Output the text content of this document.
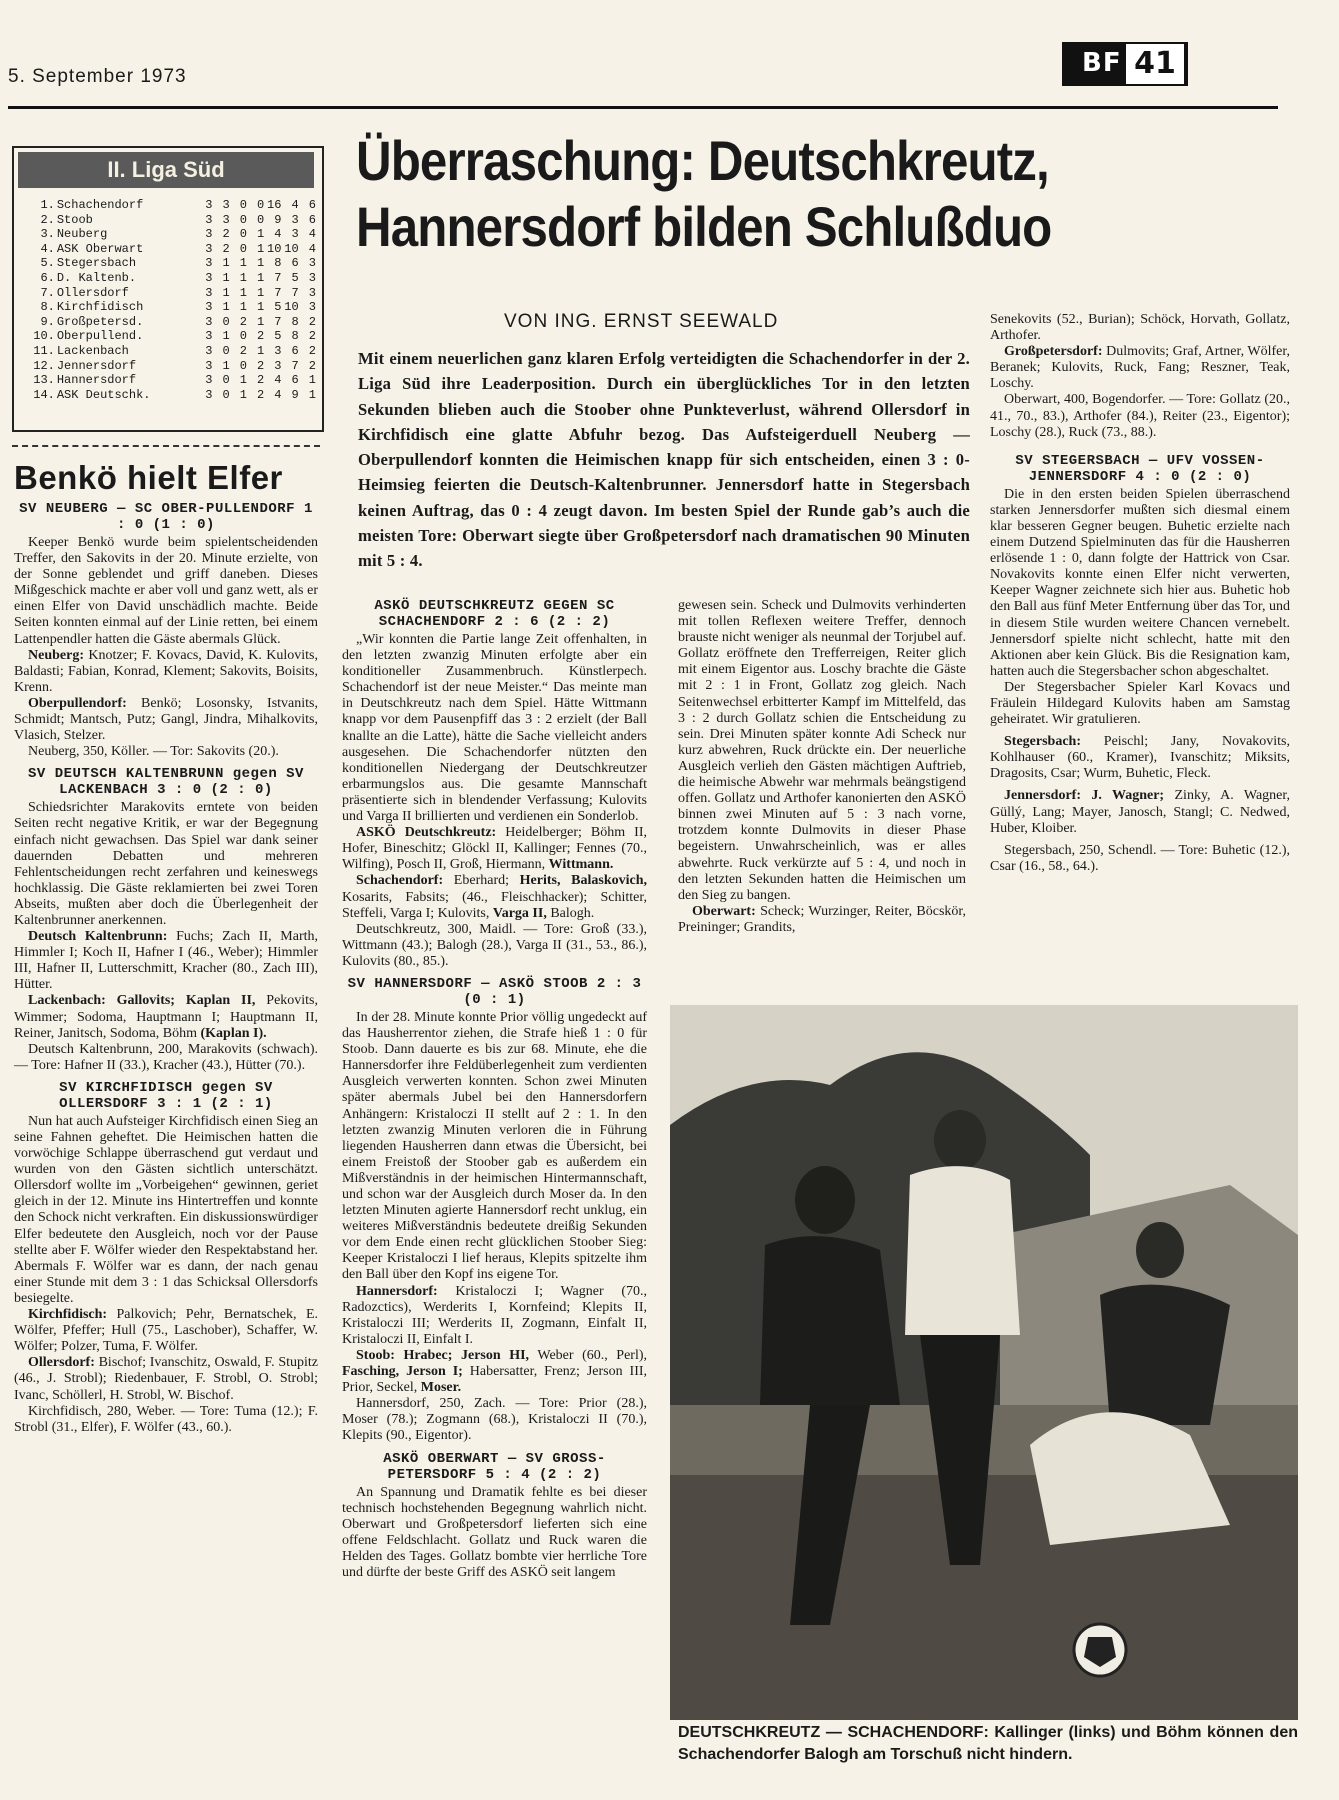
5. September 1973	BF 41
II. Liga Süd
1.	Schachendorf	3	3	0	0	16	4	6
2.	Stoob	3	3	0	0	9	3	6
3.	Neuberg	3	2	0	1	4	3	4
4.	ASK Oberwart	3	2	0	1	10	10	4
5.	Stegersbach	3	1	1	1	8	6	3
6.	D. Kaltenb.	3	1	1	1	7	5	3
7.	Ollersdorf	3	1	1	1	7	7	3
8.	Kirchfidisch	3	1	1	1	5	10	3
9.	Großpetersd.	3	0	2	1	7	8	2
10.	Oberpullend.	3	1	0	2	5	8	2
11.	Lackenbach	3	0	2	1	3	6	2
12.	Jennersdorf	3	1	0	2	3	7	2
13.	Hannersdorf	3	0	1	2	4	6	1
14.	ASK Deutschk.	3	0	1	2	4	9	1
Benkö hielt Elfer
SV NEUBERG — SC OBER-PULLENDORF 1 : 0 (1 : 0)

Keeper Benkö wurde beim spielentscheidenden Treffer, den Sakovits in der 20. Minute erzielte, von der Sonne geblendet und griff daneben. Dieses Mißgeschick machte er aber voll und ganz wett, als er einen Elfer von David unschädlich machte. Beide Seiten konnten einmal auf der Linie retten, bei einem Lattenpendler hatten die Gäste abermals Glück.

Neuberg: Knotzer; F. Kovacs, David, K. Kulovits, Baldasti; Fabian, Konrad, Klement; Sakovits, Boisits, Krenn.

Oberpullendorf: Benkö; Losonsky, Istvanits, Schmidt; Mantsch, Putz; Gangl, Jindra, Mihalkovits, Vlasich, Stelzer.

Neuberg, 350, Köller. — Tor: Sakovits (20.).

SV DEUTSCH KALTENBRUNN gegen SV LACKENBACH 3 : 0 (2 : 0)

Schiedsrichter Marakovits erntete von beiden Seiten recht negative Kritik, er war der Begegnung einfach nicht gewachsen. Das Spiel war dank seiner dauernden Debatten und mehreren Fehlentscheidungen recht zerfahren und keineswegs hochklassig. Die Gäste reklamierten bei zwei Toren Abseits, mußten aber doch die Überlegenheit der Kaltenbrunner anerkennen.

Deutsch Kaltenbrunn: Fuchs; Zach II, Marth, Himmler I; Koch II, Hafner I (46., Weber); Himmler III, Hafner II, Lutterschmitt, Kracher (80., Zach III), Hütter.

Lackenbach: Gallovits; Kaplan II, Pekovits, Wimmer; Sodoma, Hauptmann I; Hauptmann II, Reiner, Janitsch, Sodoma, Böhm (Kaplan I).

Deutsch Kaltenbrunn, 200, Marakovits (schwach). — Tore: Hafner II (33.), Kracher (43.), Hütter (70.).

SV KIRCHFIDISCH gegen SV OLLERSDORF 3 : 1 (2 : 1)

Nun hat auch Aufsteiger Kirchfidisch einen Sieg an seine Fahnen geheftet. Die Heimischen hatten die vorwöchige Schlappe überraschend gut verdaut und wurden von den Gästen sichtlich unterschätzt. Ollersdorf wollte im „Vorbeigehen“ gewinnen, geriet gleich in der 12. Minute ins Hintertreffen und konnte den Schock nicht verkraften. Ein diskussionswürdiger Elfer bedeutete den Ausgleich, noch vor der Pause stellte aber F. Wölfer wieder den Respektabstand her. Abermals F. Wölfer war es dann, der nach genau einer Stunde mit dem 3 : 1 das Schicksal Ollersdorfs besiegelte.

Kirchfidisch: Palkovich; Pehr, Bernatschek, E. Wölfer, Pfeffer; Hull (75., Laschober), Schaffer, W. Wölfer; Polzer, Tuma, F. Wölfer.

Ollersdorf: Bischof; Ivanschitz, Oswald, F. Stupitz (46., J. Strobl); Riedenbauer, F. Strobl, O. Strobl; Ivanc, Schöllerl, H. Strobl, W. Bischof.

Kirchfidisch, 280, Weber. — Tore: Tuma (12.); F. Strobl (31., Elfer), F. Wölfer (43., 60.).

Überraschung: Deutschkreutz,
Hannersdorf bilden Schlußduo
VON ING. ERNST SEEWALD
Mit einem neuerlichen ganz klaren Erfolg verteidigten die Schachendorfer in der 2. Liga Süd ihre Leaderposition. Durch ein überglückliches Tor in den letzten Sekunden blieben auch die Stoober ohne Punkteverlust, während Ollersdorf in Kirchfidisch eine glatte Abfuhr bezog. Das Aufsteigerduell Neuberg — Oberpullendorf konnten die Heimischen knapp für sich entscheiden, einen 3 : 0-Heimsieg feierten die Deutsch-Kaltenbrunner. Jennersdorf hatte in Stegersbach keinen Auftrag, das 0 : 4 zeugt davon. Im besten Spiel der Runde gab’s auch die meisten Tore: Oberwart siegte über Großpetersdorf nach dramatischen 90 Minuten mit 5 : 4.
ASKÖ DEUTSCHKREUTZ GEGEN SC SCHACHENDORF 2 : 6 (2 : 2)

„Wir konnten die Partie lange Zeit offenhalten, in den letzten zwanzig Minuten erfolgte aber ein konditioneller Zusammenbruch. Künstlerpech. Schachendorf ist der neue Meister.“ Das meinte man in Deutschkreutz nach dem Spiel. Hätte Wittmann knapp vor dem Pausenpfiff das 3 : 2 erzielt (der Ball knallte an die Latte), hätte die Sache vielleicht anders ausgesehen. Die Schachendorfer nützten den konditionellen Niedergang der Deutschkreutzer erbarmungslos aus. Die gesamte Mannschaft präsentierte sich in blendender Verfassung; Kulovits und Varga II brillierten und verdienen ein Sonderlob.

ASKÖ Deutschkreutz: Heidelberger; Böhm II, Hofer, Bineschitz; Glöckl II, Kallinger; Fennes (70., Wilfing), Posch II, Groß, Hiermann, Wittmann.

Schachendorf: Eberhard; Herits, Balaskovich, Kosarits, Fabsits; (46., Fleischhacker); Schitter, Steffeli, Varga I; Kulovits, Varga II, Balogh.

Deutschkreutz, 300, Maidl. — Tore: Groß (33.), Wittmann (43.); Balogh (28.), Varga II (31., 53., 86.), Kulovits (80., 85.).

SV HANNERSDORF — ASKÖ STOOB 2 : 3 (0 : 1)

In der 28. Minute konnte Prior völlig ungedeckt auf das Hausherrentor ziehen, die Strafe hieß 1 : 0 für Stoob. Dann dauerte es bis zur 68. Minute, ehe die Hannersdorfer ihre Feldüberlegenheit zum verdienten Ausgleich verwerten konnten. Schon zwei Minuten später abermals Jubel bei den Hannersdorfern Anhängern: Kristaloczi II stellt auf 2 : 1. In den letzten zwanzig Minuten verloren die in Führung liegenden Hausherren dann etwas die Übersicht, bei einem Freistoß der Stoober gab es außerdem ein Mißverständnis in der heimischen Hintermannschaft, und schon war der Ausgleich durch Moser da. In den letzten Minuten agierte Hannersdorf recht unklug, ein weiteres Mißverständnis bedeutete dreißig Sekunden vor dem Ende einen recht glücklichen Stoober Sieg: Keeper Kristaloczi I lief heraus, Klepits spitzelte ihm den Ball über den Kopf ins eigene Tor.

Hannersdorf: Kristaloczi I; Wagner (70., Radozctics), Werderits I, Kornfeind; Klepits II, Kristaloczi III; Werderits II, Zogmann, Einfalt II, Kristaloczi II, Einfalt I.

Stoob: Hrabec; Jerson HI, Weber (60., Perl), Fasching, Jerson I; Habersatter, Frenz; Jerson III, Prior, Seckel, Moser.

Hannersdorf, 250, Zach. — Tore: Prior (28.), Moser (78.); Zogmann (68.), Kristaloczi II (70.), Klepits (90., Eigentor).

ASKÖ OBERWART — SV GROSS-PETERSDORF 5 : 4 (2 : 2)

An Spannung und Dramatik fehlte es bei dieser technisch hochstehenden Begegnung wahrlich nicht. Oberwart und Großpetersdorf lieferten sich eine offene Feldschlacht. Gollatz und Ruck waren die Helden des Tages. Gollatz bombte vier herrliche Tore und dürfte der beste Griff des ASKÖ seit langem

gewesen sein. Scheck und Dulmovits verhinderten mit tollen Reflexen weitere Treffer, dennoch brauste nicht weniger als neunmal der Torjubel auf. Gollatz eröffnete den Trefferreigen, Reiter glich mit einem Eigentor aus. Loschy brachte die Gäste mit 2 : 1 in Front, Gollatz zog gleich. Nach Seitenwechsel erbitterter Kampf im Mittelfeld, das 3 : 2 durch Gollatz schien die Entscheidung zu sein. Drei Minuten später konnte Adi Scheck nur kurz abwehren, Ruck drückte ein. Der neuerliche Ausgleich verlieh den Gästen mächtigen Auftrieb, die heimische Abwehr war mehrmals beängstigend offen. Gollatz und Arthofer kanonierten den ASKÖ binnen zwei Minuten auf 5 : 3 nach vorne, trotzdem konnte Dulmovits in dieser Phase begeistern. Unwahrscheinlich, was er alles abwehrte. Ruck verkürzte auf 5 : 4, und noch in den letzten Sekunden hatten die Heimischen um den Sieg zu bangen.

Oberwart: Scheck; Wurzinger, Reiter, Böcskör, Preininger; Grandits,

Senekovits (52., Burian); Schöck, Horvath, Gollatz, Arthofer.

Großpetersdorf: Dulmovits; Graf, Artner, Wölfer, Beranek; Kulovits, Ruck, Fang; Reszner, Teak, Loschy.

Oberwart, 400, Bogendorfer. — Tore: Gollatz (20., 41., 70., 83.), Arthofer (84.), Reiter (23., Eigentor); Loschy (28.), Ruck (73., 88.).

SV STEGERSBACH — UFV VOSSEN-JENNERSDORF 4 : 0 (2 : 0)

Die in den ersten beiden Spielen überraschend starken Jennersdorfer mußten sich diesmal einem klar besseren Gegner beugen. Buhetic erzielte nach einem Dutzend Spielminuten das für die Hausherren erlösende 1 : 0, dann folgte der Hattrick von Csar. Novakovits konnte einen Elfer nicht verwerten, Keeper Wagner zeichnete sich hier aus. Buhetic hob den Ball aus fünf Meter Entfernung über das Tor, und in diesem Stile wurden weitere Chancen vernebelt. Jennersdorf spielte nicht schlecht, hatte mit den Aktionen aber kein Glück. Bis die Resignation kam, hatten auch die Stegersbacher schon abgeschaltet.

Der Stegersbacher Spieler Karl Kovacs und Fräulein Hildegard Kulovits haben am Samstag geheiratet. Wir gratulieren.

Stegersbach: Peischl; Jany, Novakovits, Kohlhauser (60., Kramer), Ivanschitz; Miksits, Dragosits, Csar; Wurm, Buhetic, Fleck.

Jennersdorf: J. Wagner; Zinky, A. Wagner, Güllý, Lang; Mayer, Janosch, Stangl; C. Nedwed, Huber, Kloiber.

Stegersbach, 250, Schendl. — Tore: Buhetic (12.), Csar (16., 58., 64.).

DEUTSCHKREUTZ — SCHACHENDORF: Kallinger (links) und Böhm können den Schachendorfer Balogh am Torschuß nicht hindern.
